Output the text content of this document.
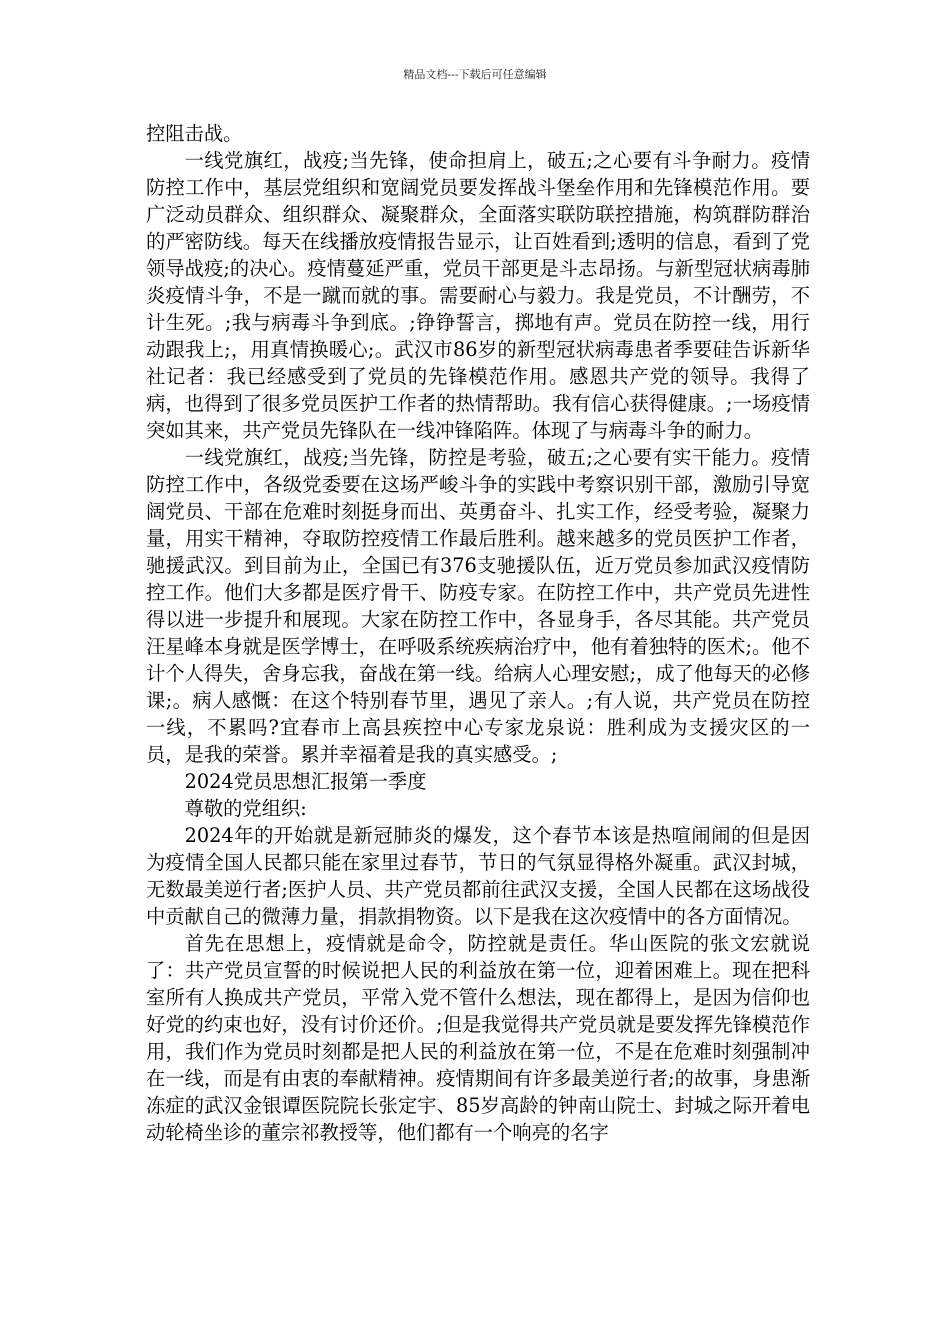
精品文档---下载后可任意编辑

控阻击战。

一线党旗红，战疫;当先锋，使命担肩上，破五;之心要有斗争耐力。疫情防控工作中，基层党组织和宽阔党员要发挥战斗堡垒作用和先锋模范作用。要广泛动员群众、组织群众、凝聚群众，全面落实联防联控措施，构筑群防群治的严密防线。每天在线播放疫情报告显示，让百姓看到;透明的信息，看到了党领导战疫;的决心。疫情蔓延严重，党员干部更是斗志昂扬。与新型冠状病毒肺炎疫情斗争，不是一蹴而就的事。需要耐心与毅力。我是党员，不计酬劳，不计生死。;我与病毒斗争到底。;铮铮誓言，掷地有声。党员在防控一线，用行动跟我上;，用真情换暖心;。武汉市86岁的新型冠状病毒患者季要硅告诉新华社记者：我已经感受到了党员的先锋模范作用。感恩共产党的领导。我得了病，也得到了很多党员医护工作者的热情帮助。我有信心获得健康。;一场疫情突如其来，共产党员先锋队在一线冲锋陷阵。体现了与病毒斗争的耐力。

一线党旗红，战疫;当先锋，防控是考验，破五;之心要有实干能力。疫情防控工作中，各级党委要在这场严峻斗争的实践中考察识别干部，激励引导宽阔党员、干部在危难时刻挺身而出、英勇奋斗、扎实工作，经受考验，凝聚力量，用实干精神，夺取防控疫情工作最后胜利。越来越多的党员医护工作者，驰援武汉。到目前为止，全国已有376支驰援队伍，近万党员参加武汉疫情防控工作。他们大多都是医疗骨干、防疫专家。在防控工作中，共产党员先进性得以进一步提升和展现。大家在防控工作中，各显身手，各尽其能。共产党员汪星峰本身就是医学博士，在呼吸系统疾病治疗中，他有着独特的医术;。他不计个人得失，舍身忘我，奋战在第一线。给病人心理安慰;，成了他每天的必修课;。病人感慨：在这个特别春节里，遇见了亲人。;有人说，共产党员在防控一线，不累吗?宜春市上高县疾控中心专家龙泉说：胜利成为支援灾区的一员，是我的荣誉。累并幸福着是我的真实感受。;

2024党员思想汇报第一季度

尊敬的党组织:

2024年的开始就是新冠肺炎的爆发，这个春节本该是热喧闹闹的但是因为疫情全国人民都只能在家里过春节，节日的气氛显得格外凝重。武汉封城，无数最美逆行者;医护人员、共产党员都前往武汉支援，全国人民都在这场战役中贡献自己的微薄力量，捐款捐物资。以下是我在这次疫情中的各方面情况。

首先在思想上，疫情就是命令，防控就是责任。华山医院的张文宏就说了：共产党员宣誓的时候说把人民的利益放在第一位，迎着困难上。现在把科室所有人换成共产党员，平常入党不管什么想法，现在都得上，是因为信仰也好党的约束也好，没有讨价还价。;但是我觉得共产党员就是要发挥先锋模范作用，我们作为党员时刻都是把人民的利益放在第一位，不是在危难时刻强制冲在一线，而是有由衷的奉献精神。疫情期间有许多最美逆行者;的故事，身患渐冻症的武汉金银谭医院院长张定宇、85岁高龄的钟南山院士、封城之际开着电动轮椅坐诊的董宗祁教授等，他们都有一个响亮的名字
